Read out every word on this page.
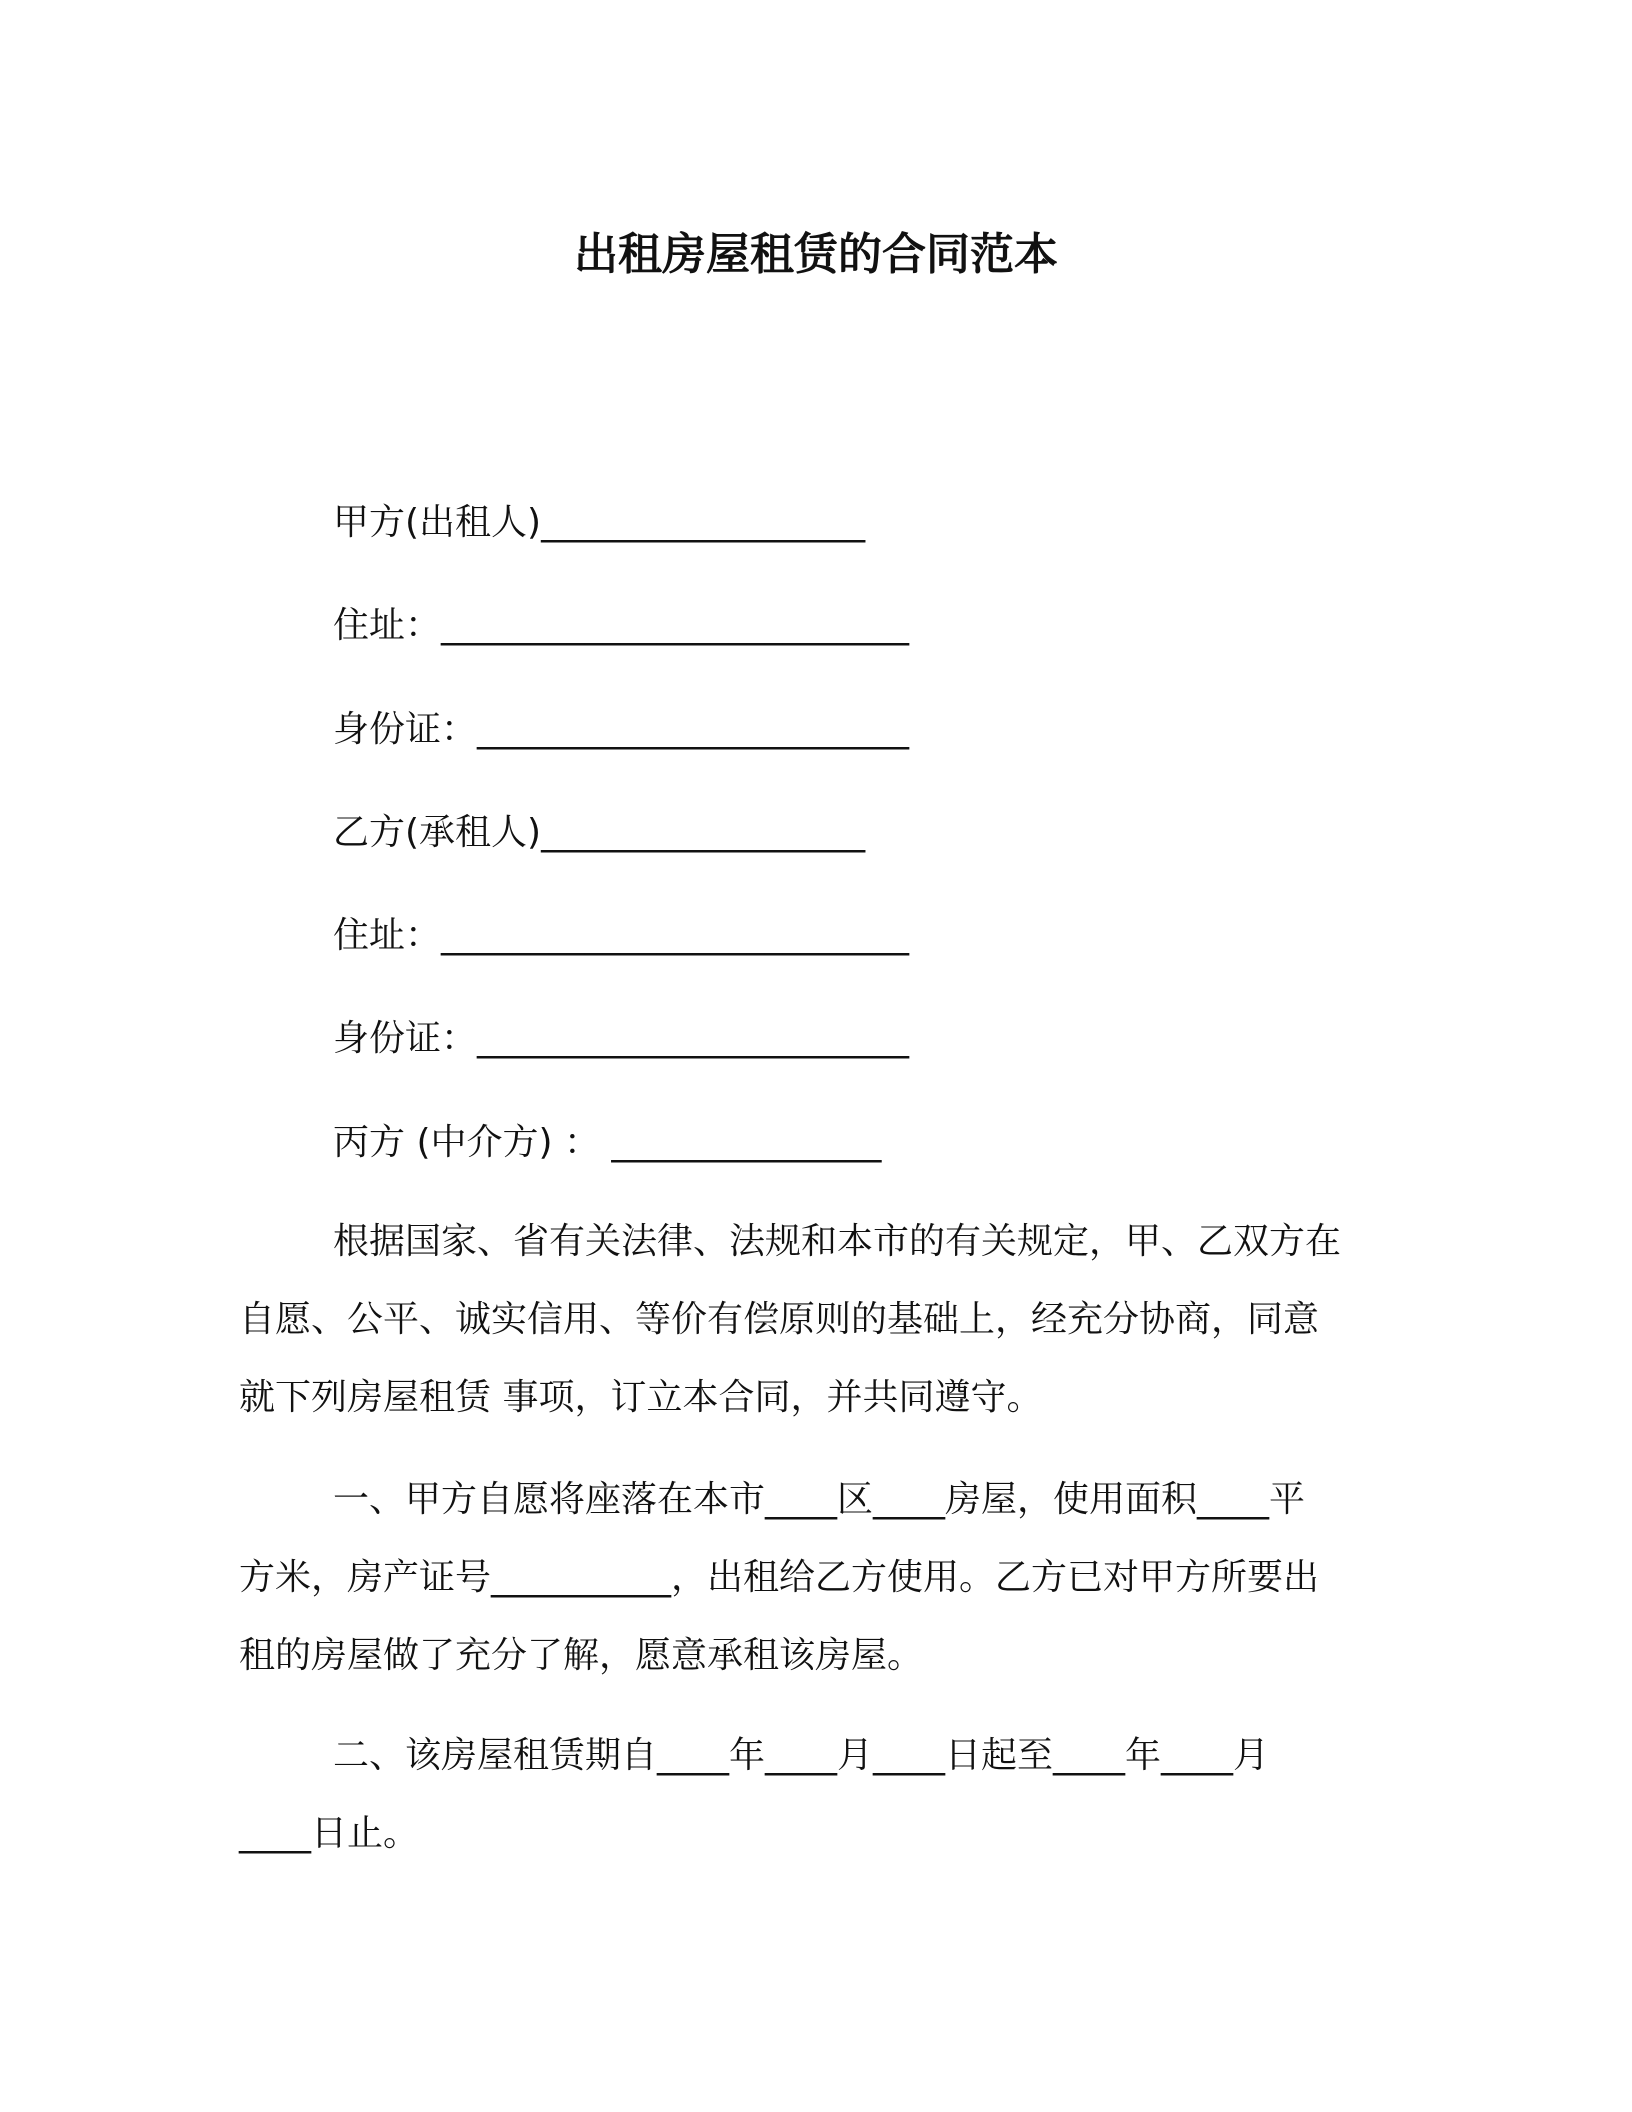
出租房屋租赁的合同范本
甲方(出租人)__________________
住址：__________________________
身份证：________________________
乙方(承租人)__________________
住址：__________________________
身份证：________________________
丙方 (中介方) ： _______________
根据国家、省有关法律、法规和本市的有关规定，甲、乙双方在
自愿、公平、诚实信用、等价有偿原则的基础上，经充分协商，同意
就下列房屋租赁 事项，订立本合同，并共同遵守。
一、甲方自愿将座落在本市____区____房屋，使用面积____平
方米，房产证号__________，出租给乙方使用。乙方已对甲方所要出
租的房屋做了充分了解，愿意承租该房屋。
二、该房屋租赁期自____年____月____日起至____年____月
____日止。
